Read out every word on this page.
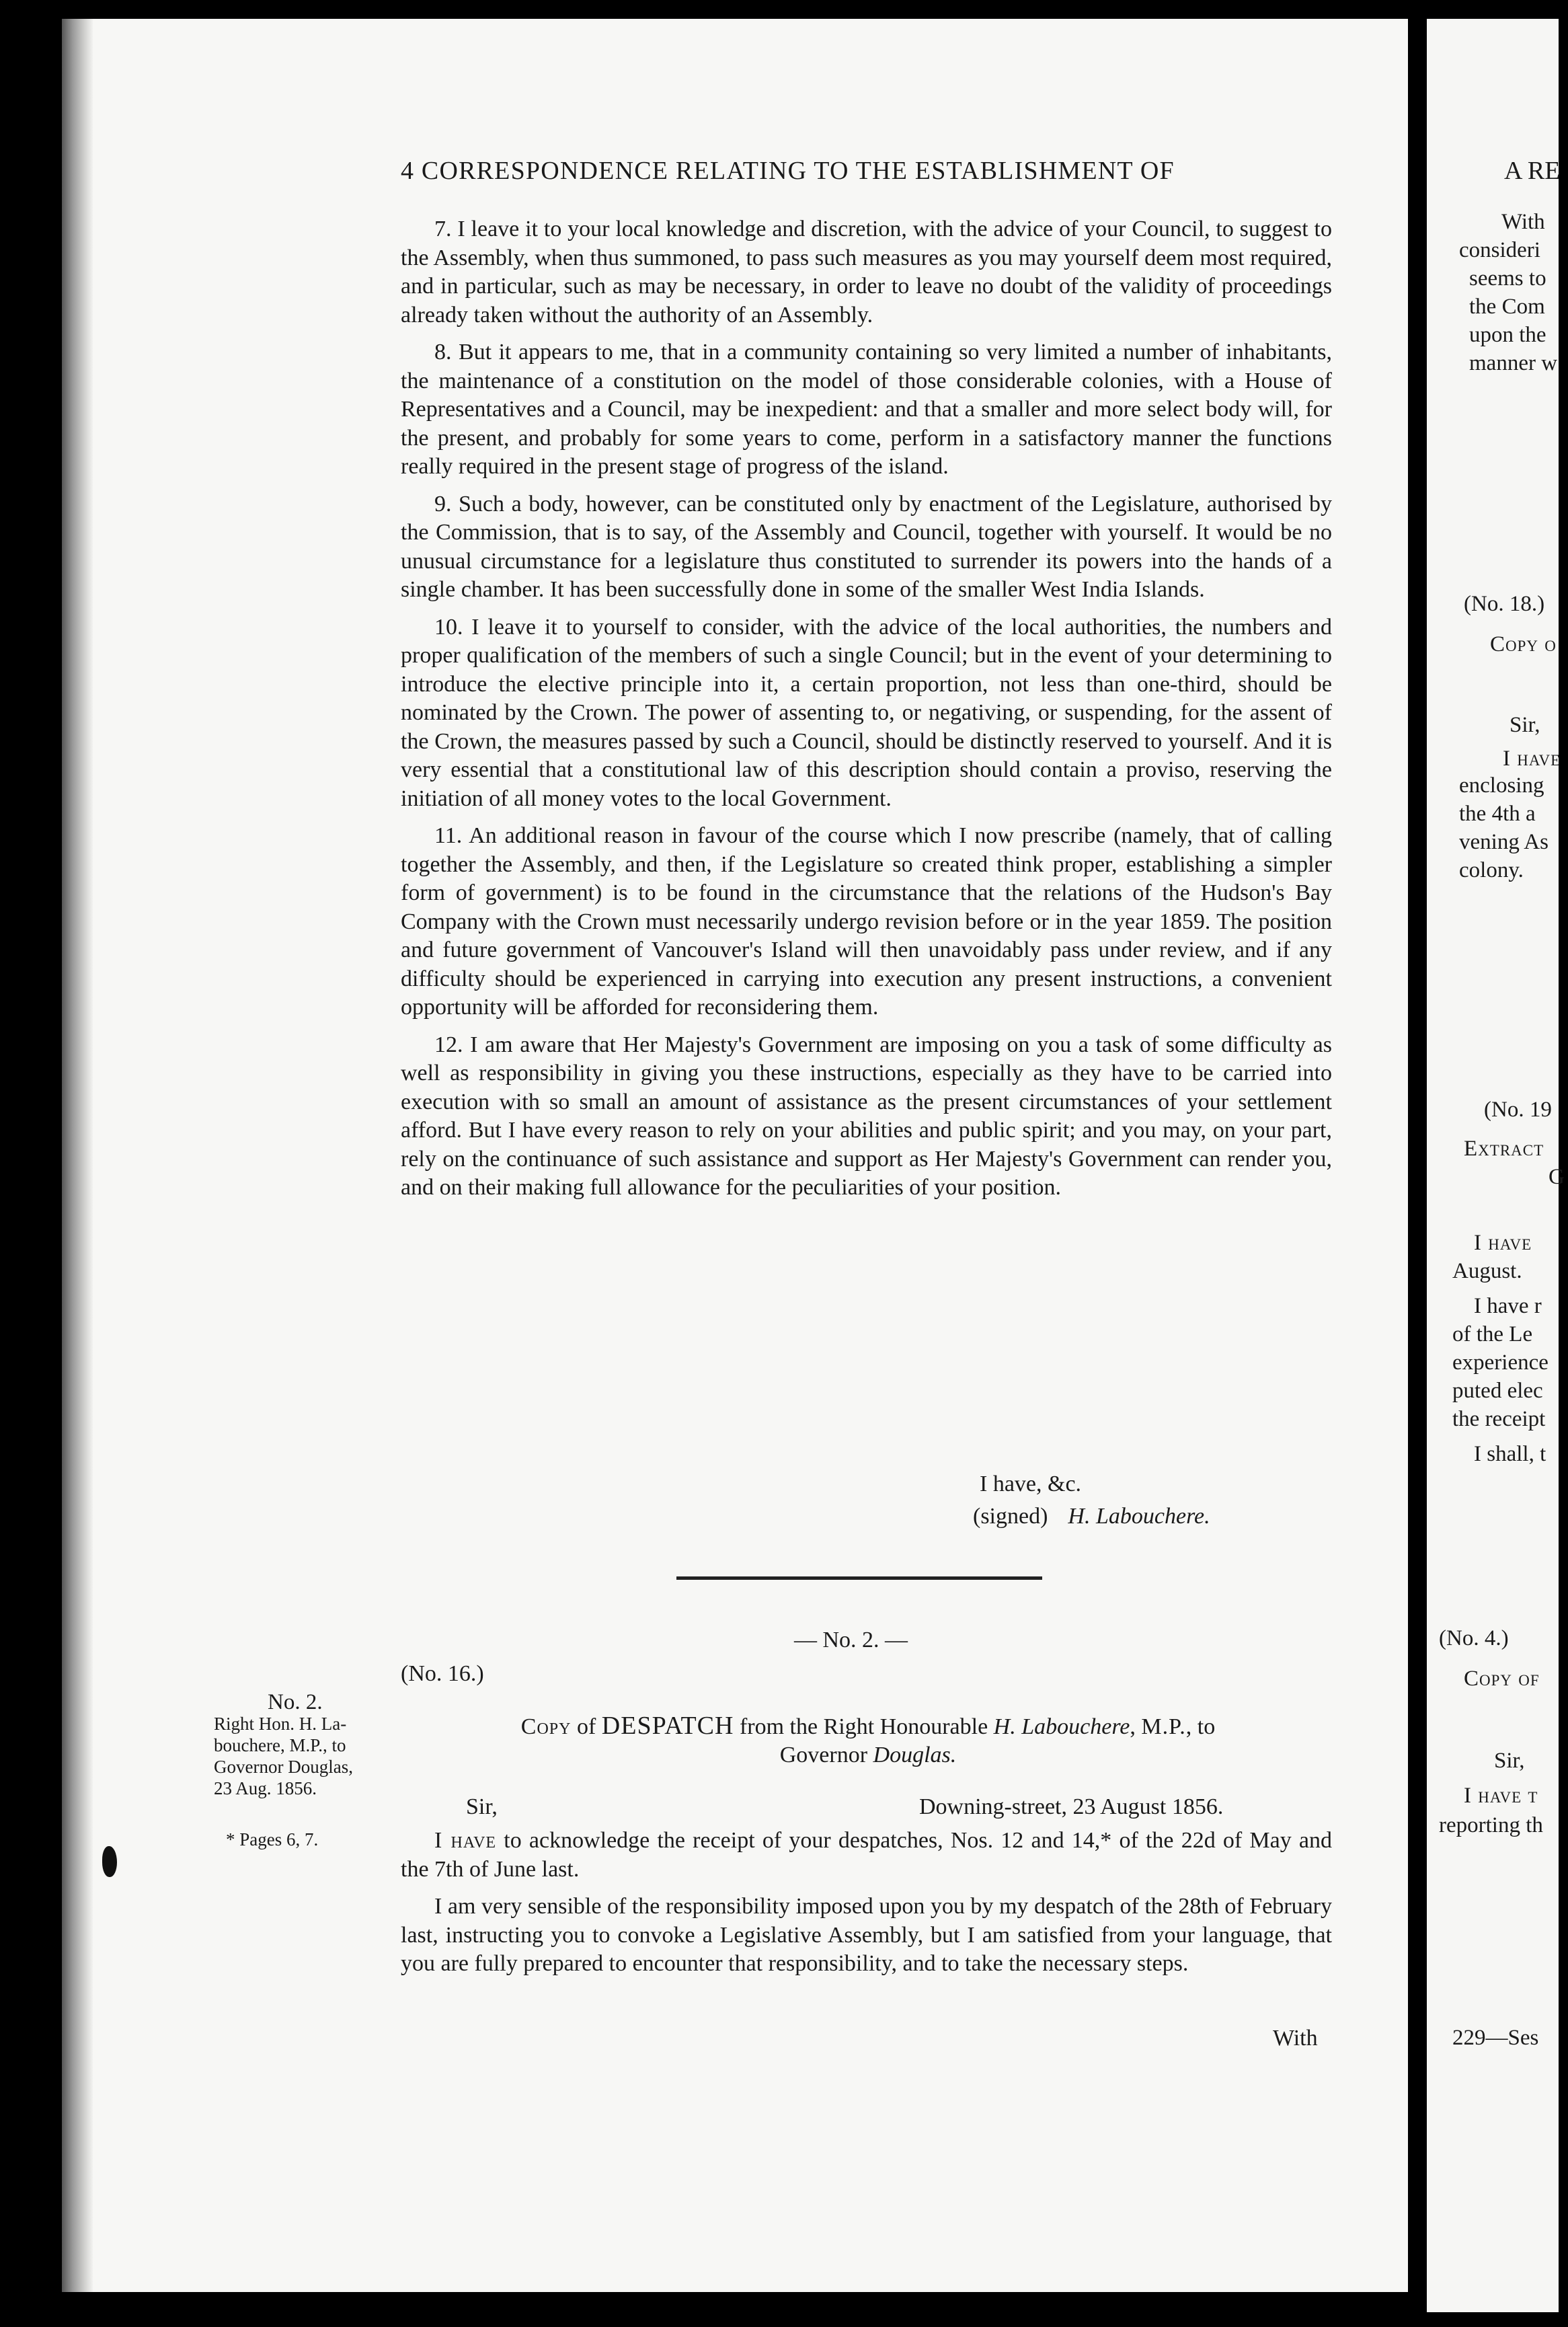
4 CORRESPONDENCE RELATING TO THE ESTABLISHMENT OF

7. I leave it to your local knowledge and discretion, with the advice of your Council, to suggest to the Assembly, when thus summoned, to pass such measures as you may yourself deem most required, and in particular, such as may be necessary, in order to leave no doubt of the validity of proceedings already taken without the authority of an Assembly.

8. But it appears to me, that in a community containing so very limited a number of inhabitants, the maintenance of a constitution on the model of those considerable colonies, with a House of Representatives and a Council, may be inexpedient: and that a smaller and more select body will, for the present, and probably for some years to come, perform in a satisfactory manner the functions really required in the present stage of progress of the island.

9. Such a body, however, can be constituted only by enactment of the Legislature, authorised by the Commission, that is to say, of the Assembly and Council, together with yourself. It would be no unusual circumstance for a legislature thus constituted to surrender its powers into the hands of a single chamber. It has been successfully done in some of the smaller West India Islands.

10. I leave it to yourself to consider, with the advice of the local authorities, the numbers and proper qualification of the members of such a single Council; but in the event of your determining to introduce the elective principle into it, a certain proportion, not less than one-third, should be nominated by the Crown. The power of assenting to, or negativing, or suspending, for the assent of the Crown, the measures passed by such a Council, should be distinctly reserved to yourself. And it is very essential that a constitutional law of this description should contain a proviso, reserving the initiation of all money votes to the local Government.

11. An additional reason in favour of the course which I now prescribe (namely, that of calling together the Assembly, and then, if the Legislature so created think proper, establishing a simpler form of government) is to be found in the circumstance that the relations of the Hudson's Bay Company with the Crown must necessarily undergo revision before or in the year 1859. The position and future government of Vancouver's Island will then unavoidably pass under review, and if any difficulty should be experienced in carrying into execution any present instructions, a convenient opportunity will be afforded for reconsidering them.

12. I am aware that Her Majesty's Government are imposing on you a task of some difficulty as well as responsibility in giving you these instructions, especially as they have to be carried into execution with so small an amount of assistance as the present circumstances of your settlement afford. But I have every reason to rely on your abilities and public spirit; and you may, on your part, rely on the continuance of such assistance and support as Her Majesty's Government can render you, and on their making full allowance for the peculiarities of your position.

I have, &c.
(signed) H. Labouchere.
— No. 2. —
(No. 16.)
Copy of DESPATCH from the Right Honourable H. Labouchere, M.P., to
Governor Douglas.
Sir,	Downing-street, 23 August 1856.

I have to acknowledge the receipt of your despatches, Nos. 12 and 14,* of the 22d of May and the 7th of June last.

I am very sensible of the responsibility imposed upon you by my despatch of the 28th of February last, instructing you to convoke a Legislative Assembly, but I am satisfied from your language, that you are fully prepared to encounter that responsibility, and to take the necessary steps.

With
No. 2.
Right Hon. H. La-
bouchere, M.P., to
Governor Douglas,
23 Aug. 1856.
* Pages 6, 7.
A RE
With
consideri
seems to
the Com
upon the
manner w
(No. 18.)
Copy o
Sir,
I have
enclosing
the 4th a
vening As
colony.
(No. 19
Extract
G
I have
August.
I have r
of the Le
experience
puted elec
the receipt
I shall, t
(No. 4.)
Copy of
Sir,
I have t
reporting th
229—Ses
